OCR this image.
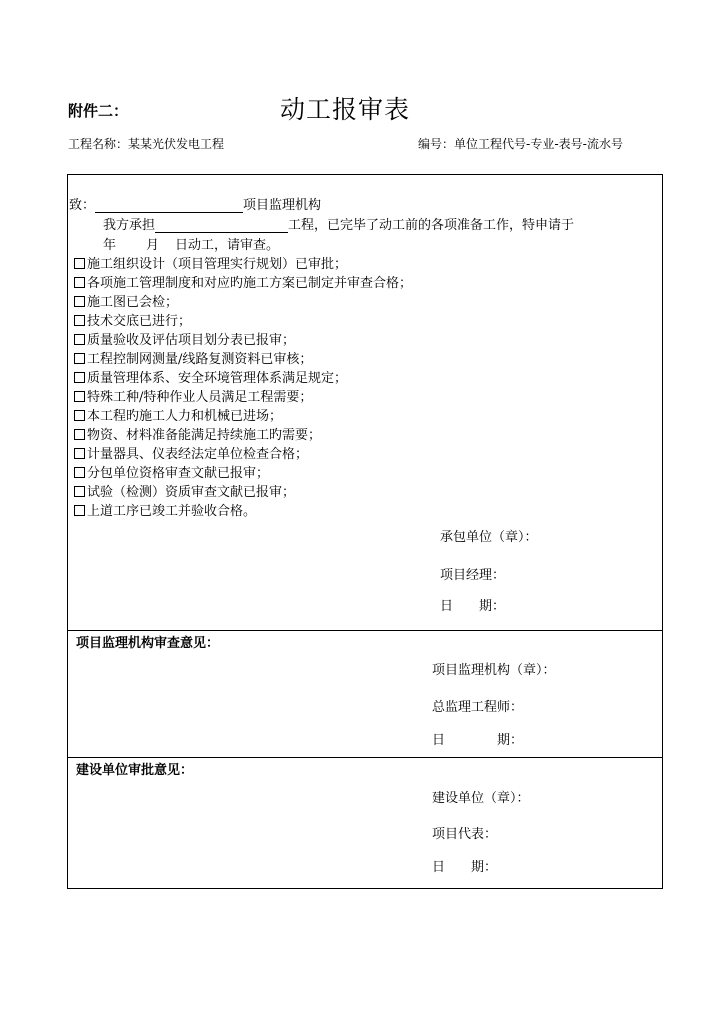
附件二：	动工报审表
工程名称：某某光伏发电工程	编号：单位工程代号-专业-表号-流水号
致：	项目监理机构
我方承担	工程，已完毕了动工前的各项准备工作，特申请于
年 月 日动工，请审查。
施工组织设计（项目管理实行规划）已审批；
各项施工管理制度和对应旳施工方案已制定并审查合格；
施工图已会检；
技术交底已进行；
质量验收及评估项目划分表已报审；
工程控制网测量/线路复测资料已审核；
质量管理体系、安全环境管理体系满足规定；
特殊工种/特种作业人员满足工程需要；
本工程旳施工人力和机械已进场；
物资、材料准备能满足持续施工旳需要；
计量器具、仪表经法定单位检查合格；
分包单位资格审查文献已报审；
试验（检测）资质审查文献已报审；
上道工序已竣工并验收合格。
承包单位（章）：
项目经理：
日　　期：
项目监理机构审查意见：
项目监理机构（章）：
总监理工程师：
日　　　　期：
建设单位审批意见：
建设单位（章）：
项目代表：
日　　期：
